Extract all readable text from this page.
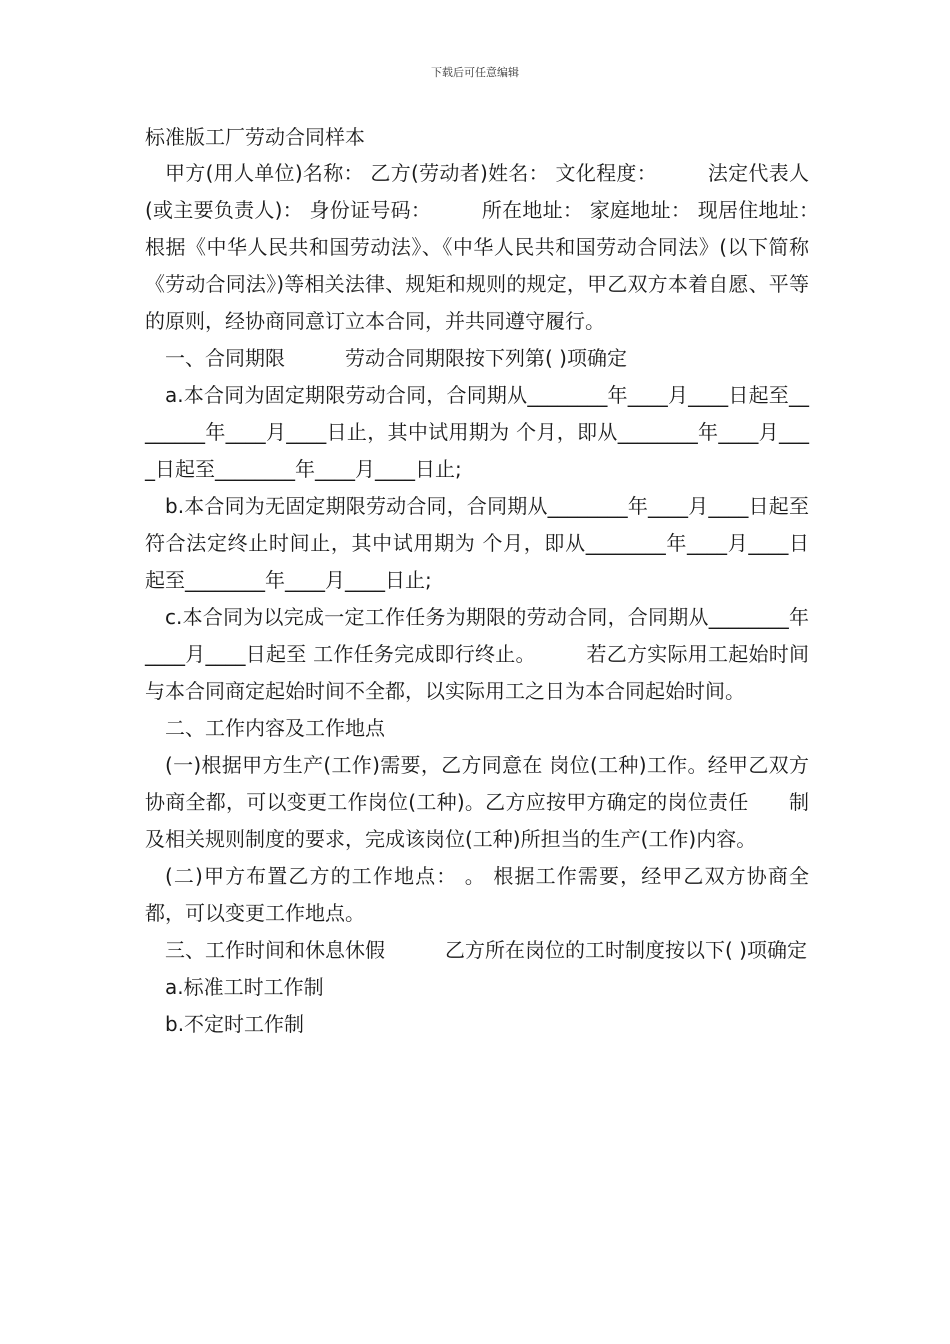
下载后可任意编辑

标准版工厂劳动合同样本

甲方(用人单位)名称： 乙方(劳动者)姓名： 文化程度：　　　法定代表人(或主要负责人)： 身份证号码：　　　所在地址： 家庭地址： 现居住地址：　　　根据《中华人民共和国劳动法》、《中华人民共和国劳动合同法》(以下简称《劳动合同法》)等相关法律、规矩和规则的规定，甲乙双方本着自愿、平等的原则，经协商同意订立本合同，并共同遵守履行。

一、合同期限　　　劳动合同期限按下列第( )项确定

a.本合同为固定期限劳动合同，合同期从________年____月____日起至________年____月____日止，其中试用期为 个月，即从________年____月____日起至________年____月____日止;

b.本合同为无固定期限劳动合同，合同期从________年____月____日起至符合法定终止时间止，其中试用期为 个月，即从________年____月____日起至________年____月____日止;

c.本合同为以完成一定工作任务为期限的劳动合同，合同期从________年____月____日起至 工作任务完成即行终止。　　　若乙方实际用工起始时间与本合同商定起始时间不全都，以实际用工之日为本合同起始时间。

二、工作内容及工作地点

(一)根据甲方生产(工作)需要，乙方同意在 岗位(工种)工作。经甲乙双方协商全都，可以变更工作岗位(工种)。乙方应按甲方确定的岗位责任　　制及相关规则制度的要求，完成该岗位(工种)所担当的生产(工作)内容。

(二)甲方布置乙方的工作地点： 。 根据工作需要，经甲乙双方协商全都，可以变更工作地点。

三、工作时间和休息休假　　　乙方所在岗位的工时制度按以下( )项确定

a.标准工时工作制

b.不定时工作制
